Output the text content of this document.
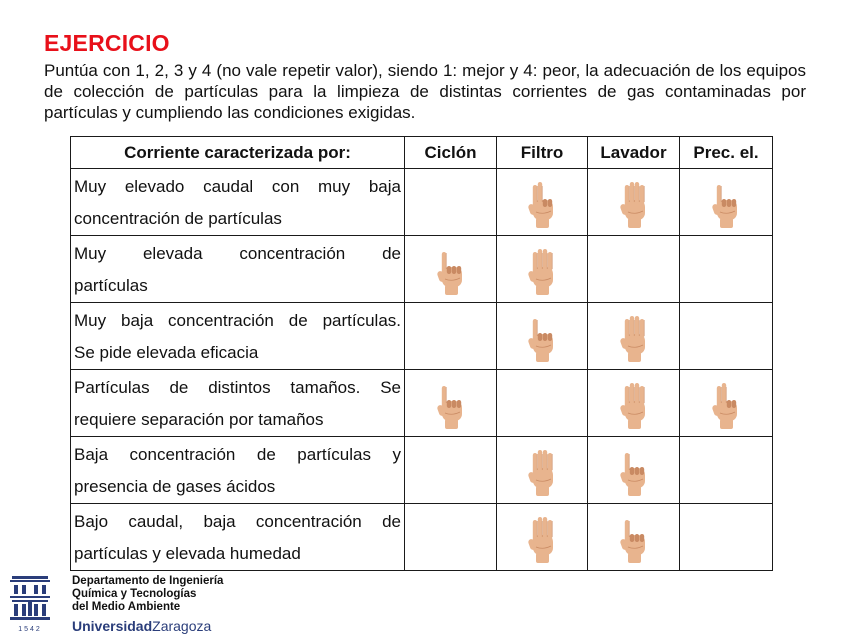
EJERCICIO
Puntúa con 1, 2, 3 y 4 (no vale repetir valor), siendo 1: mejor y 4: peor, la adecuación de los equipos de colección de partículas para la limpieza de distintas corrientes de gas contaminadas por partículas y cumpliendo las condiciones exigidas.
Corriente caracterizada por:	Ciclón	Filtro	Lavador	Prec. el.

Muy elevado caudal con muy baja
concentración de partículas

Muy elevada concentración de
partículas

Muy baja concentración de partículas.
Se pide elevada eficacia

Partículas de distintos tamaños. Se
requiere separación por tamaños

Baja concentración de partículas y
presencia de gases ácidos

Bajo caudal, baja concentración de
partículas y elevada humedad

1542
Departamento de Ingeniería
Química y Tecnologías
del Medio Ambiente
UniversidadZaragoza
